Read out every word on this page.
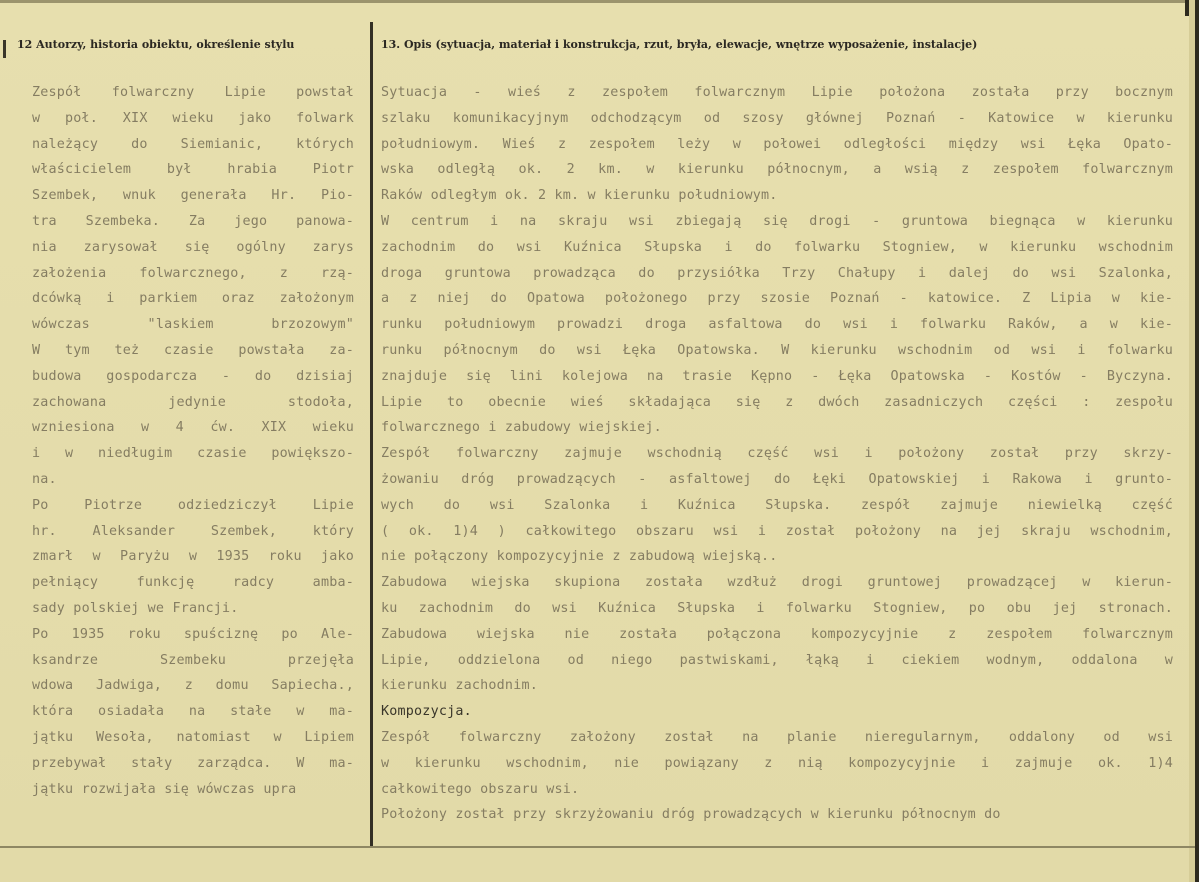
12 Autorzy, historia obiektu, określenie stylu	13. Opis (sytuacja, materiał i konstrukcja, rzut, bryła, elewacje, wnętrze wyposażenie, instalacje)
Zespół folwarczny Lipie powstał
w poł. XIX wieku jako folwark
należący do Siemianic, których
właścicielem był hrabia Piotr
Szembek, wnuk generała Hr. Pio-
tra Szembeka. Za jego panowa-
nia zarysował się ogólny zarys
założenia folwarcznego, z rzą-
dcówką i parkiem oraz założonym
wówczas "laskiem brzozowym"
W tym też czasie powstała za-
budowa gospodarcza - do dzisiaj
zachowana jedynie stodoła,
wzniesiona w 4 ćw. XIX wieku
i w niedługim czasie powiększo-
na.
Po Piotrze odziedziczył Lipie
hr. Aleksander Szembek, który
zmarł w Paryżu w 1935 roku jako
pełniący funkcję radcy amba-
sady polskiej we Francji.
Po 1935 roku spuściznę po Ale-
ksandrze Szembeku przejęła
wdowa Jadwiga, z domu Sapiecha.,
która osiadała na stałe w ma-
jątku Wesoła, natomiast w Lipiem
przebywał stały zarządca. W ma-
jątku rozwijała się wówczas upra
Sytuacja - wieś z zespołem folwarcznym Lipie położona została przy bocznym
szlaku komunikacyjnym odchodzącym od szosy głównej Poznań - Katowice w kierunku
południowym. Wieś z zespołem leży w połowei odległości między wsi Łęka Opato-
wska odległą ok. 2 km. w kierunku północnym, a wsią z zespołem folwarcznym
Raków odległym ok. 2 km. w kierunku południowym.
W centrum i na skraju wsi zbiegają się drogi - gruntowa biegnąca w kierunku
zachodnim do wsi Kuźnica Słupska i do folwarku Stogniew, w kierunku wschodnim
droga gruntowa prowadząca do przysiółka Trzy Chałupy i dalej do wsi Szalonka,
a z niej do Opatowa położonego przy szosie Poznań - katowice. Z Lipia w kie-
runku południowym prowadzi droga asfaltowa do wsi i folwarku Raków, a w kie-
runku północnym do wsi Łęka Opatowska. W kierunku wschodnim od wsi i folwarku
znajduje się lini kolejowa na trasie Kępno - Łęka Opatowska - Kostów - Byczyna.
Lipie to obecnie wieś składająca się z dwóch zasadniczych części : zespołu
folwarcznego i zabudowy wiejskiej.
Zespół folwarczny zajmuje wschodnią część wsi i położony został przy skrzy-
żowaniu dróg prowadzących - asfaltowej do Łęki Opatowskiej i Rakowa i grunto-
wych do wsi Szalonka i Kuźnica Słupska. zespół zajmuje niewielką część
( ok. 1)4 ) całkowitego obszaru wsi i został położony na jej skraju wschodnim,
nie połączony kompozycyjnie z zabudową wiejską..
Zabudowa wiejska skupiona została wzdłuż drogi gruntowej prowadzącej w kierun-
ku zachodnim do wsi Kuźnica Słupska i folwarku Stogniew, po obu jej stronach.
Zabudowa wiejska nie została połączona kompozycyjnie z zespołem folwarcznym
Lipie, oddzielona od niego pastwiskami, łąką i ciekiem wodnym, oddalona w
kierunku zachodnim.
Kompozycja.
Zespół folwarczny założony został na planie nieregularnym, oddalony od wsi
w kierunku wschodnim, nie powiązany z nią kompozycyjnie i zajmuje ok. 1)4
całkowitego obszaru wsi.
Położony został przy skrzyżowaniu dróg prowadzących w kierunku północnym do
